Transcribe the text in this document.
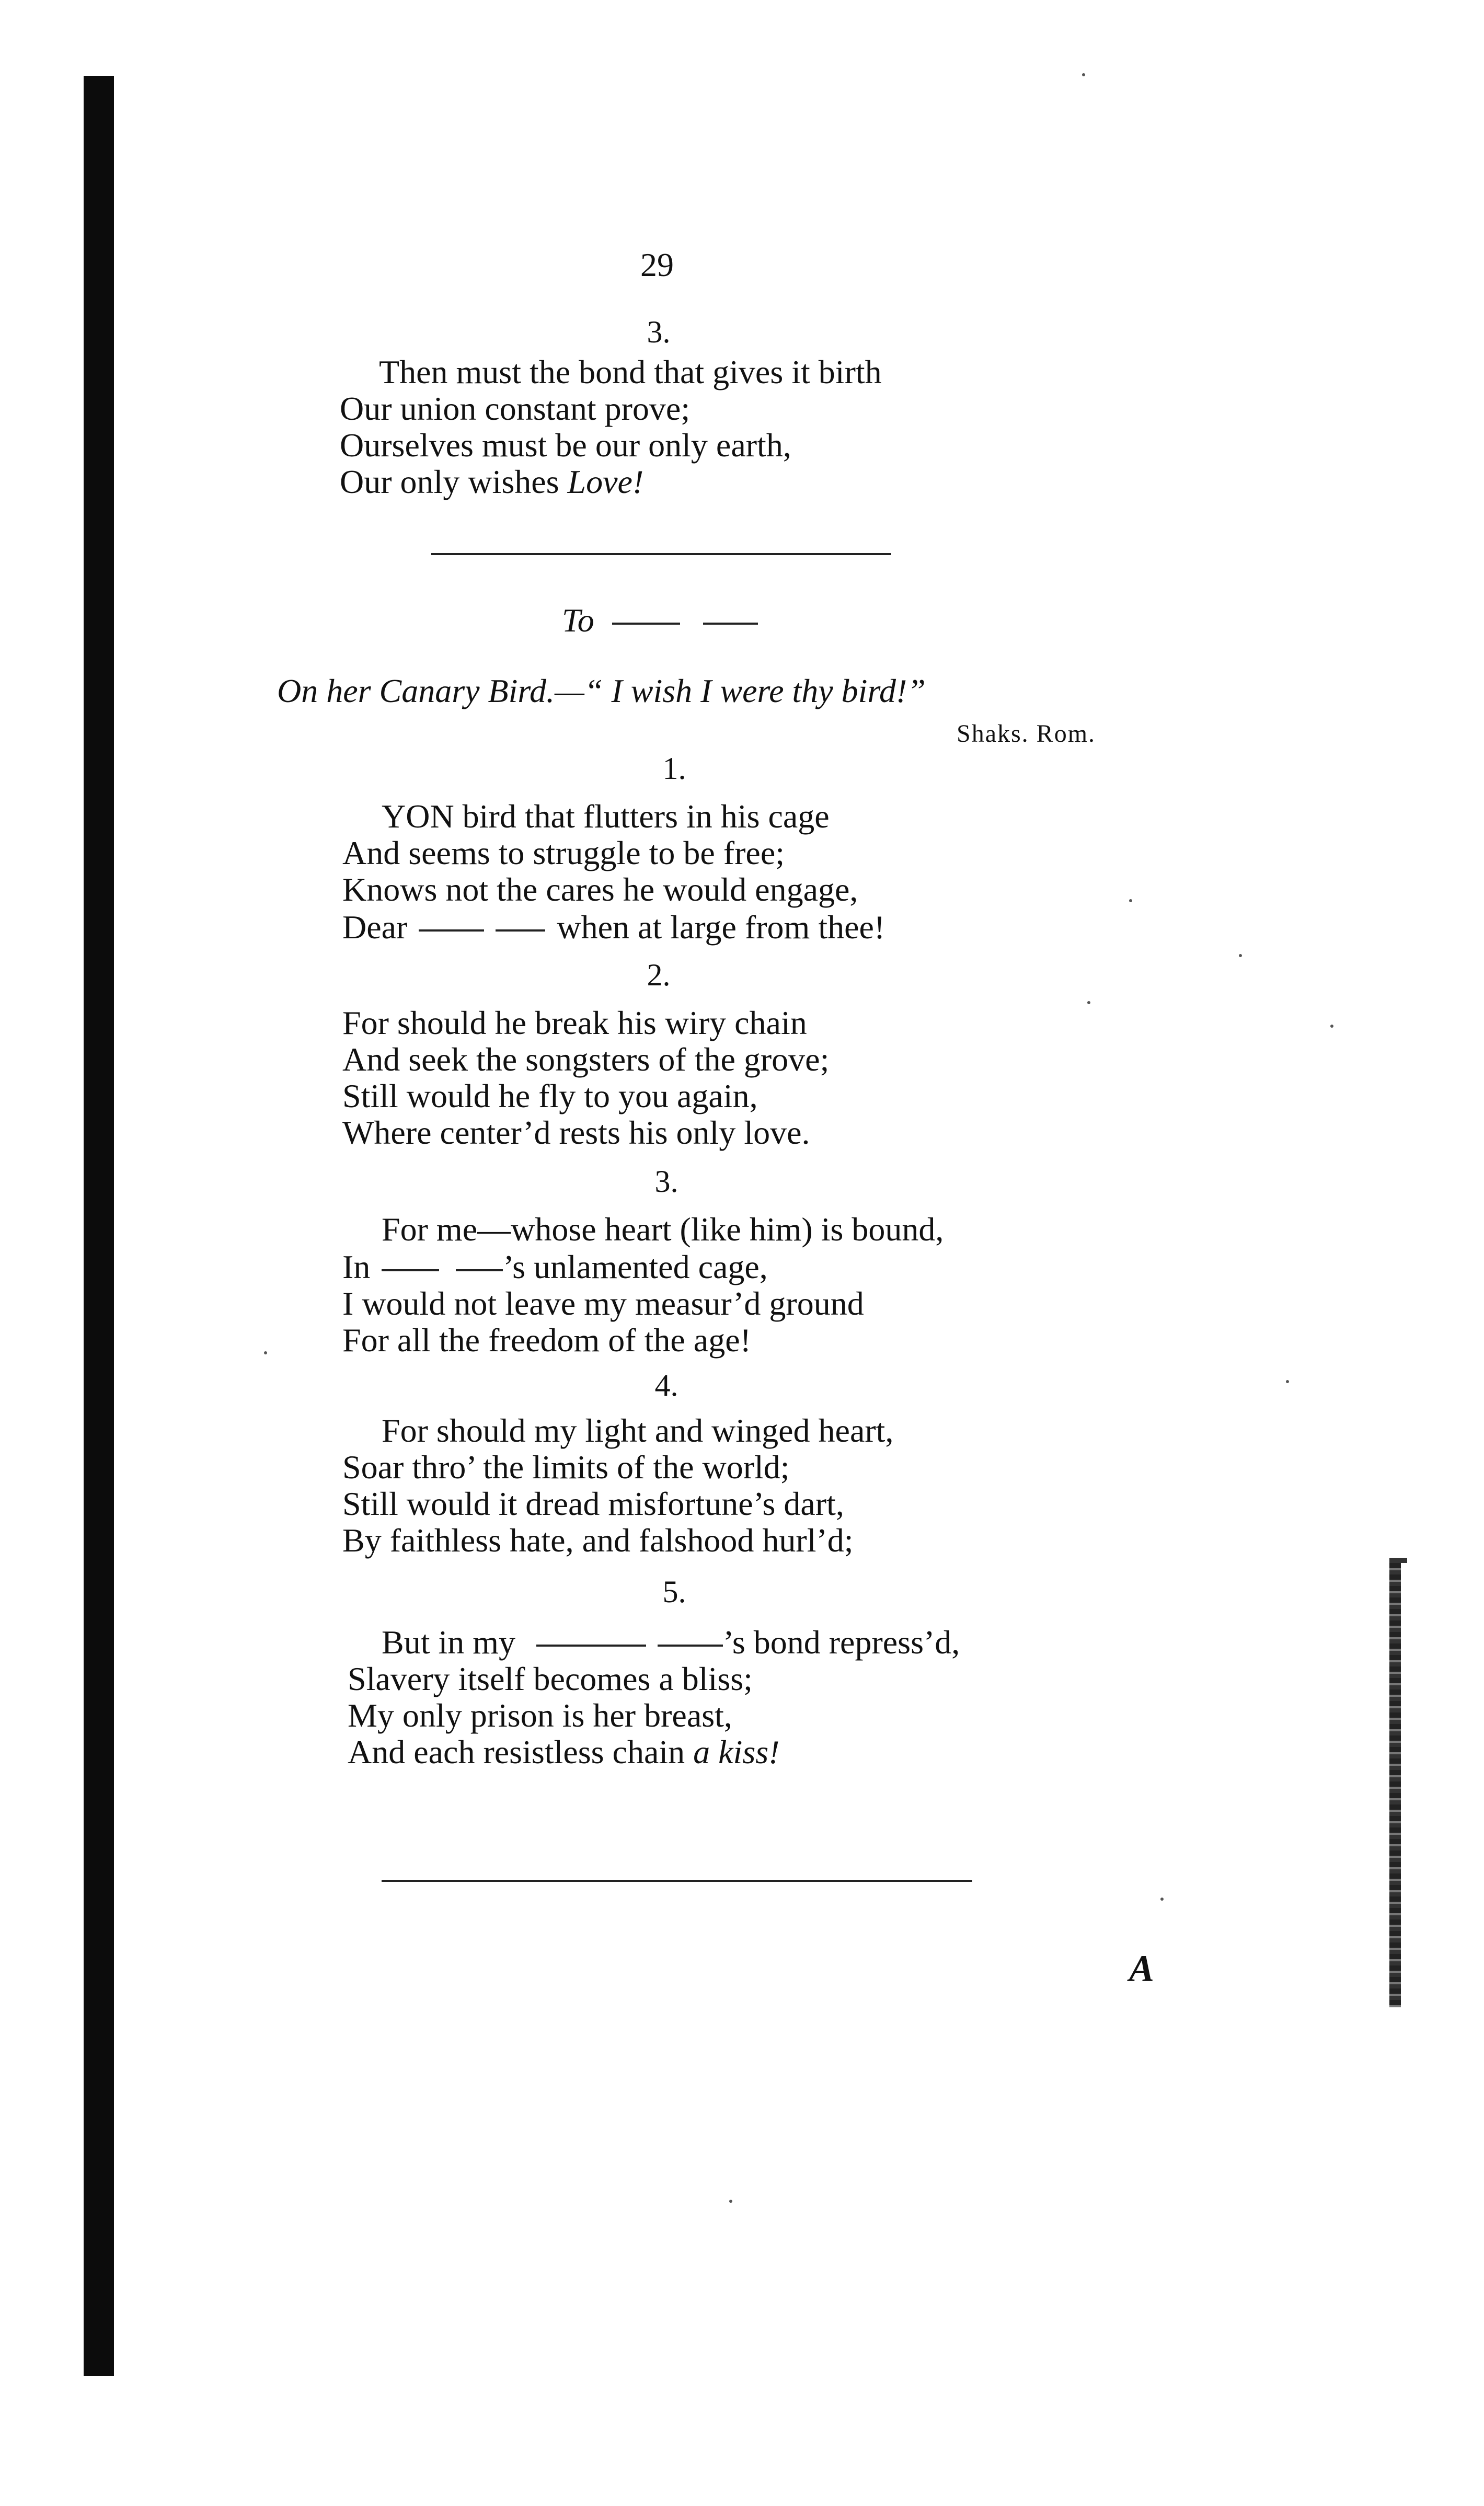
29
3.
Then must the bond that gives it birth
Our union constant prove;
Ourselves must be our only earth,
Our only wishes Love!
To
On her Canary Bird.—“ I wish I were thy bird!”
Shaks. Rom.
1.
YON bird that flutters in his cage
And seems to struggle to be free;
Knows not the cares he would engage,
Dear	when at large from thee!
2.
For should he break his wiry chain
And seek the songsters of the grove;
Still would he fly to you again,
Where center’d rests his only love.
3.
For me—whose heart (like him) is bound,
In	’s unlamented cage,
I would not leave my measur’d ground
For all the freedom of the age!
4.
For should my light and winged heart,
Soar thro’ the limits of the world;
Still would it dread misfortune’s dart,
By faithless hate, and falshood hurl’d;
5.
But in my	’s bond repress’d,
Slavery itself becomes a bliss;
My only prison is her breast,
And each resistless chain a kiss!
A
